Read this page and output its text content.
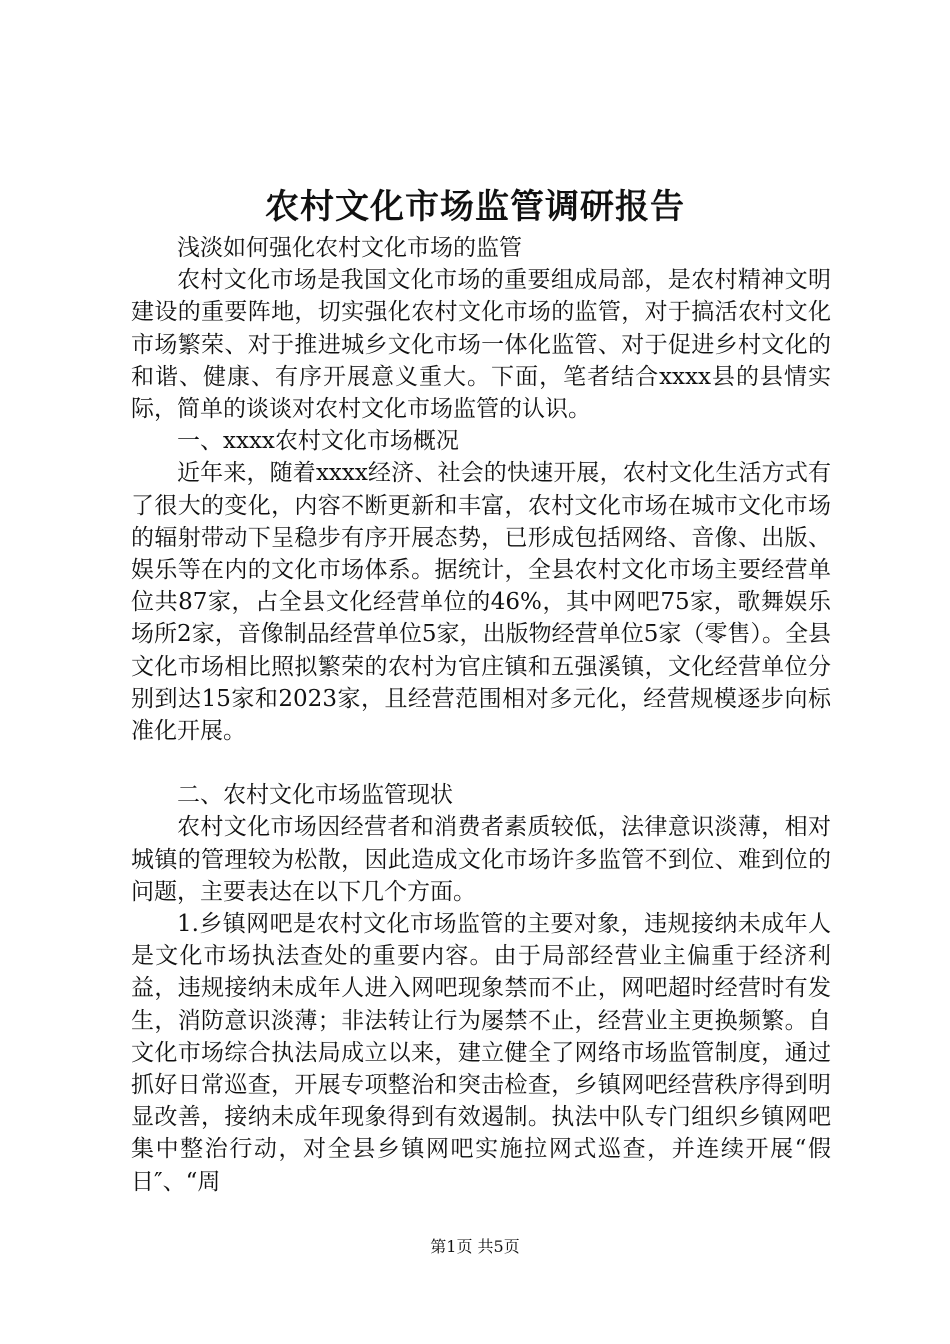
农村文化市场监管调研报告

浅淡如何强化农村文化市场的监管

农村文化市场是我国文化市场的重要组成局部，是农村精神文明建设的重要阵地，切实强化农村文化市场的监管，对于搞活农村文化市场繁荣、对于推进城乡文化市场一体化监管、对于促进乡村文化的和谐、健康、有序开展意义重大。下面，笔者结合xxxx县的县情实际，简单的谈谈对农村文化市场监管的认识。

一、xxxx农村文化市场概况

近年来，随着xxxx经济、社会的快速开展，农村文化生活方式有了很大的变化，内容不断更新和丰富，农村文化市场在城市文化市场的辐射带动下呈稳步有序开展态势，已形成包括网络、音像、出版、娱乐等在内的文化市场体系。据统计，全县农村文化市场主要经营单位共87家，占全县文化经营单位的46%，其中网吧75家，歌舞娱乐场所2家，音像制品经营单位5家，出版物经营单位5家（零售）。全县文化市场相比照拟繁荣的农村为官庄镇和五强溪镇，文化经营单位分别到达15家和2023家，且经营范围相对多元化，经营规模逐步向标准化开展。

二、农村文化市场监管现状

农村文化市场因经营者和消费者素质较低，法律意识淡薄，相对城镇的管理较为松散，因此造成文化市场许多监管不到位、难到位的问题，主要表达在以下几个方面。

1.乡镇网吧是农村文化市场监管的主要对象，违规接纳未成年人是文化市场执法查处的重要内容。由于局部经营业主偏重于经济利益，违规接纳未成年人进入网吧现象禁而不止，网吧超时经营时有发生，消防意识淡薄；非法转让行为屡禁不止，经营业主更换频繁。自文化市场综合执法局成立以来，建立健全了网络市场监管制度，通过抓好日常巡查，开展专项整治和突击检查，乡镇网吧经营秩序得到明显改善，接纳未成年现象得到有效遏制。执法中队专门组织乡镇网吧集中整治行动，对全县乡镇网吧实施拉网式巡查，并连续开展“假日″、“周

第1页 共5页
